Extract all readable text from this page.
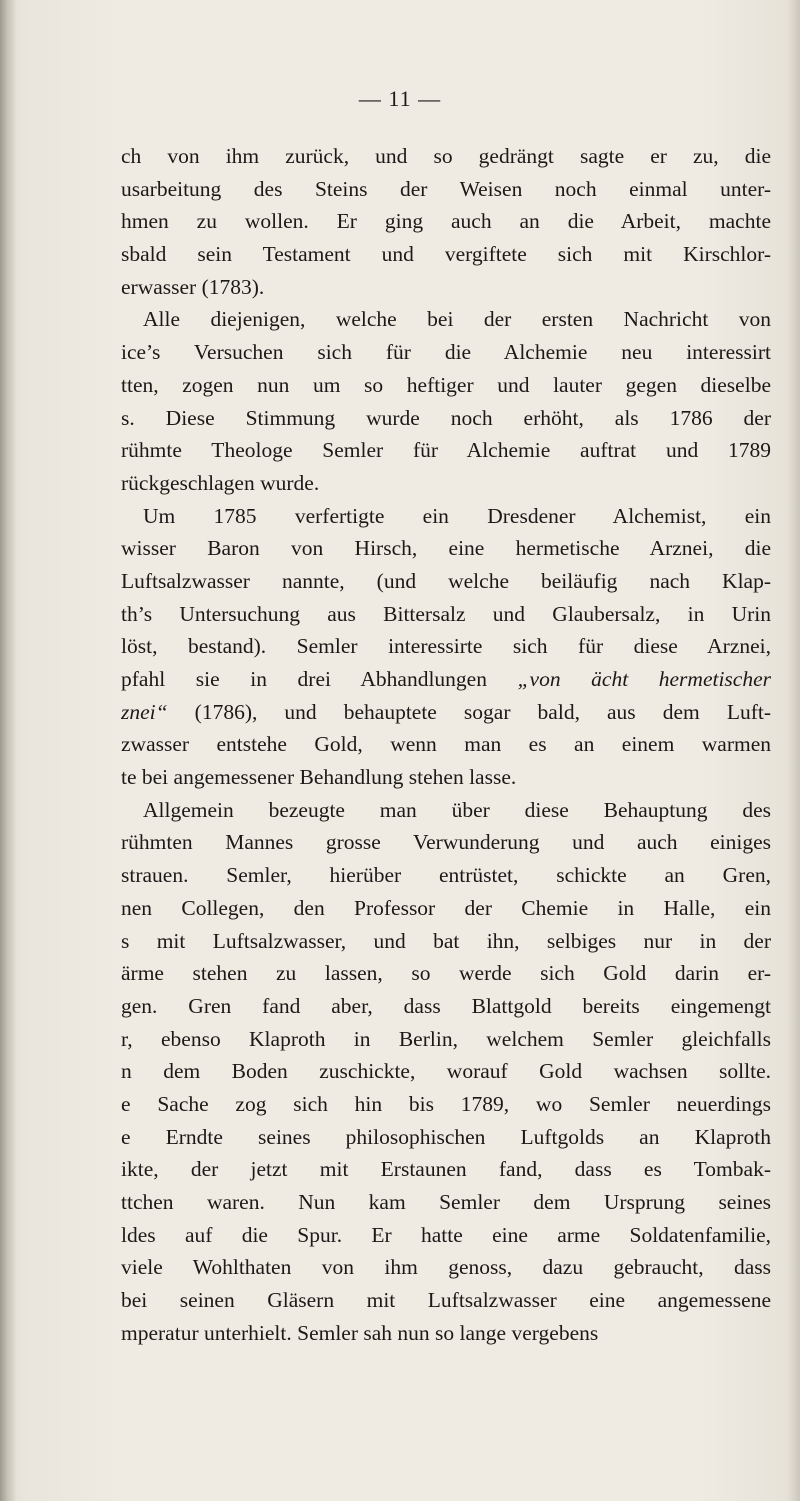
— 11 —
ch von ihm zurück, und so gedrängt sagte er zu, die
usarbeitung des Steins der Weisen noch einmal unter-
hmen zu wollen. Er ging auch an die Arbeit, machte
sbald sein Testament und vergiftete sich mit Kirschlor-
erwasser (1783).
Alle diejenigen, welche bei der ersten Nachricht von
ice’s Versuchen sich für die Alchemie neu interessirt
tten, zogen nun um so heftiger und lauter gegen dieselbe
s. Diese Stimmung wurde noch erhöht, als 1786 der
rühmte Theologe Semler für Alchemie auftrat und 1789
rückgeschlagen wurde.
Um 1785 verfertigte ein Dresdener Alchemist, ein
wisser Baron von Hirsch, eine hermetische Arznei, die
Luftsalzwasser nannte, (und welche beiläufig nach Klap-
th’s Untersuchung aus Bittersalz und Glaubersalz, in Urin
löst, bestand). Semler interessirte sich für diese Arznei,
pfahl sie in drei Abhandlungen „von ächt hermetischer
znei“ (1786), und behauptete sogar bald, aus dem Luft-
zwasser entstehe Gold, wenn man es an einem warmen
te bei angemessener Behandlung stehen lasse.
Allgemein bezeugte man über diese Behauptung des
rühmten Mannes grosse Verwunderung und auch einiges
strauen. Semler, hierüber entrüstet, schickte an Gren,
nen Collegen, den Professor der Chemie in Halle, ein
s mit Luftsalzwasser, und bat ihn, selbiges nur in der
ärme stehen zu lassen, so werde sich Gold darin er-
gen. Gren fand aber, dass Blattgold bereits eingemengt
r, ebenso Klaproth in Berlin, welchem Semler gleichfalls
n dem Boden zuschickte, worauf Gold wachsen sollte.
e Sache zog sich hin bis 1789, wo Semler neuerdings
e Erndte seines philosophischen Luftgolds an Klaproth
ikte, der jetzt mit Erstaunen fand, dass es Tombak-
ttchen waren. Nun kam Semler dem Ursprung seines
ldes auf die Spur. Er hatte eine arme Soldatenfamilie,
viele Wohlthaten von ihm genoss, dazu gebraucht, dass
bei seinen Gläsern mit Luftsalzwasser eine angemessene
mperatur unterhielt. Semler sah nun so lange vergebens
